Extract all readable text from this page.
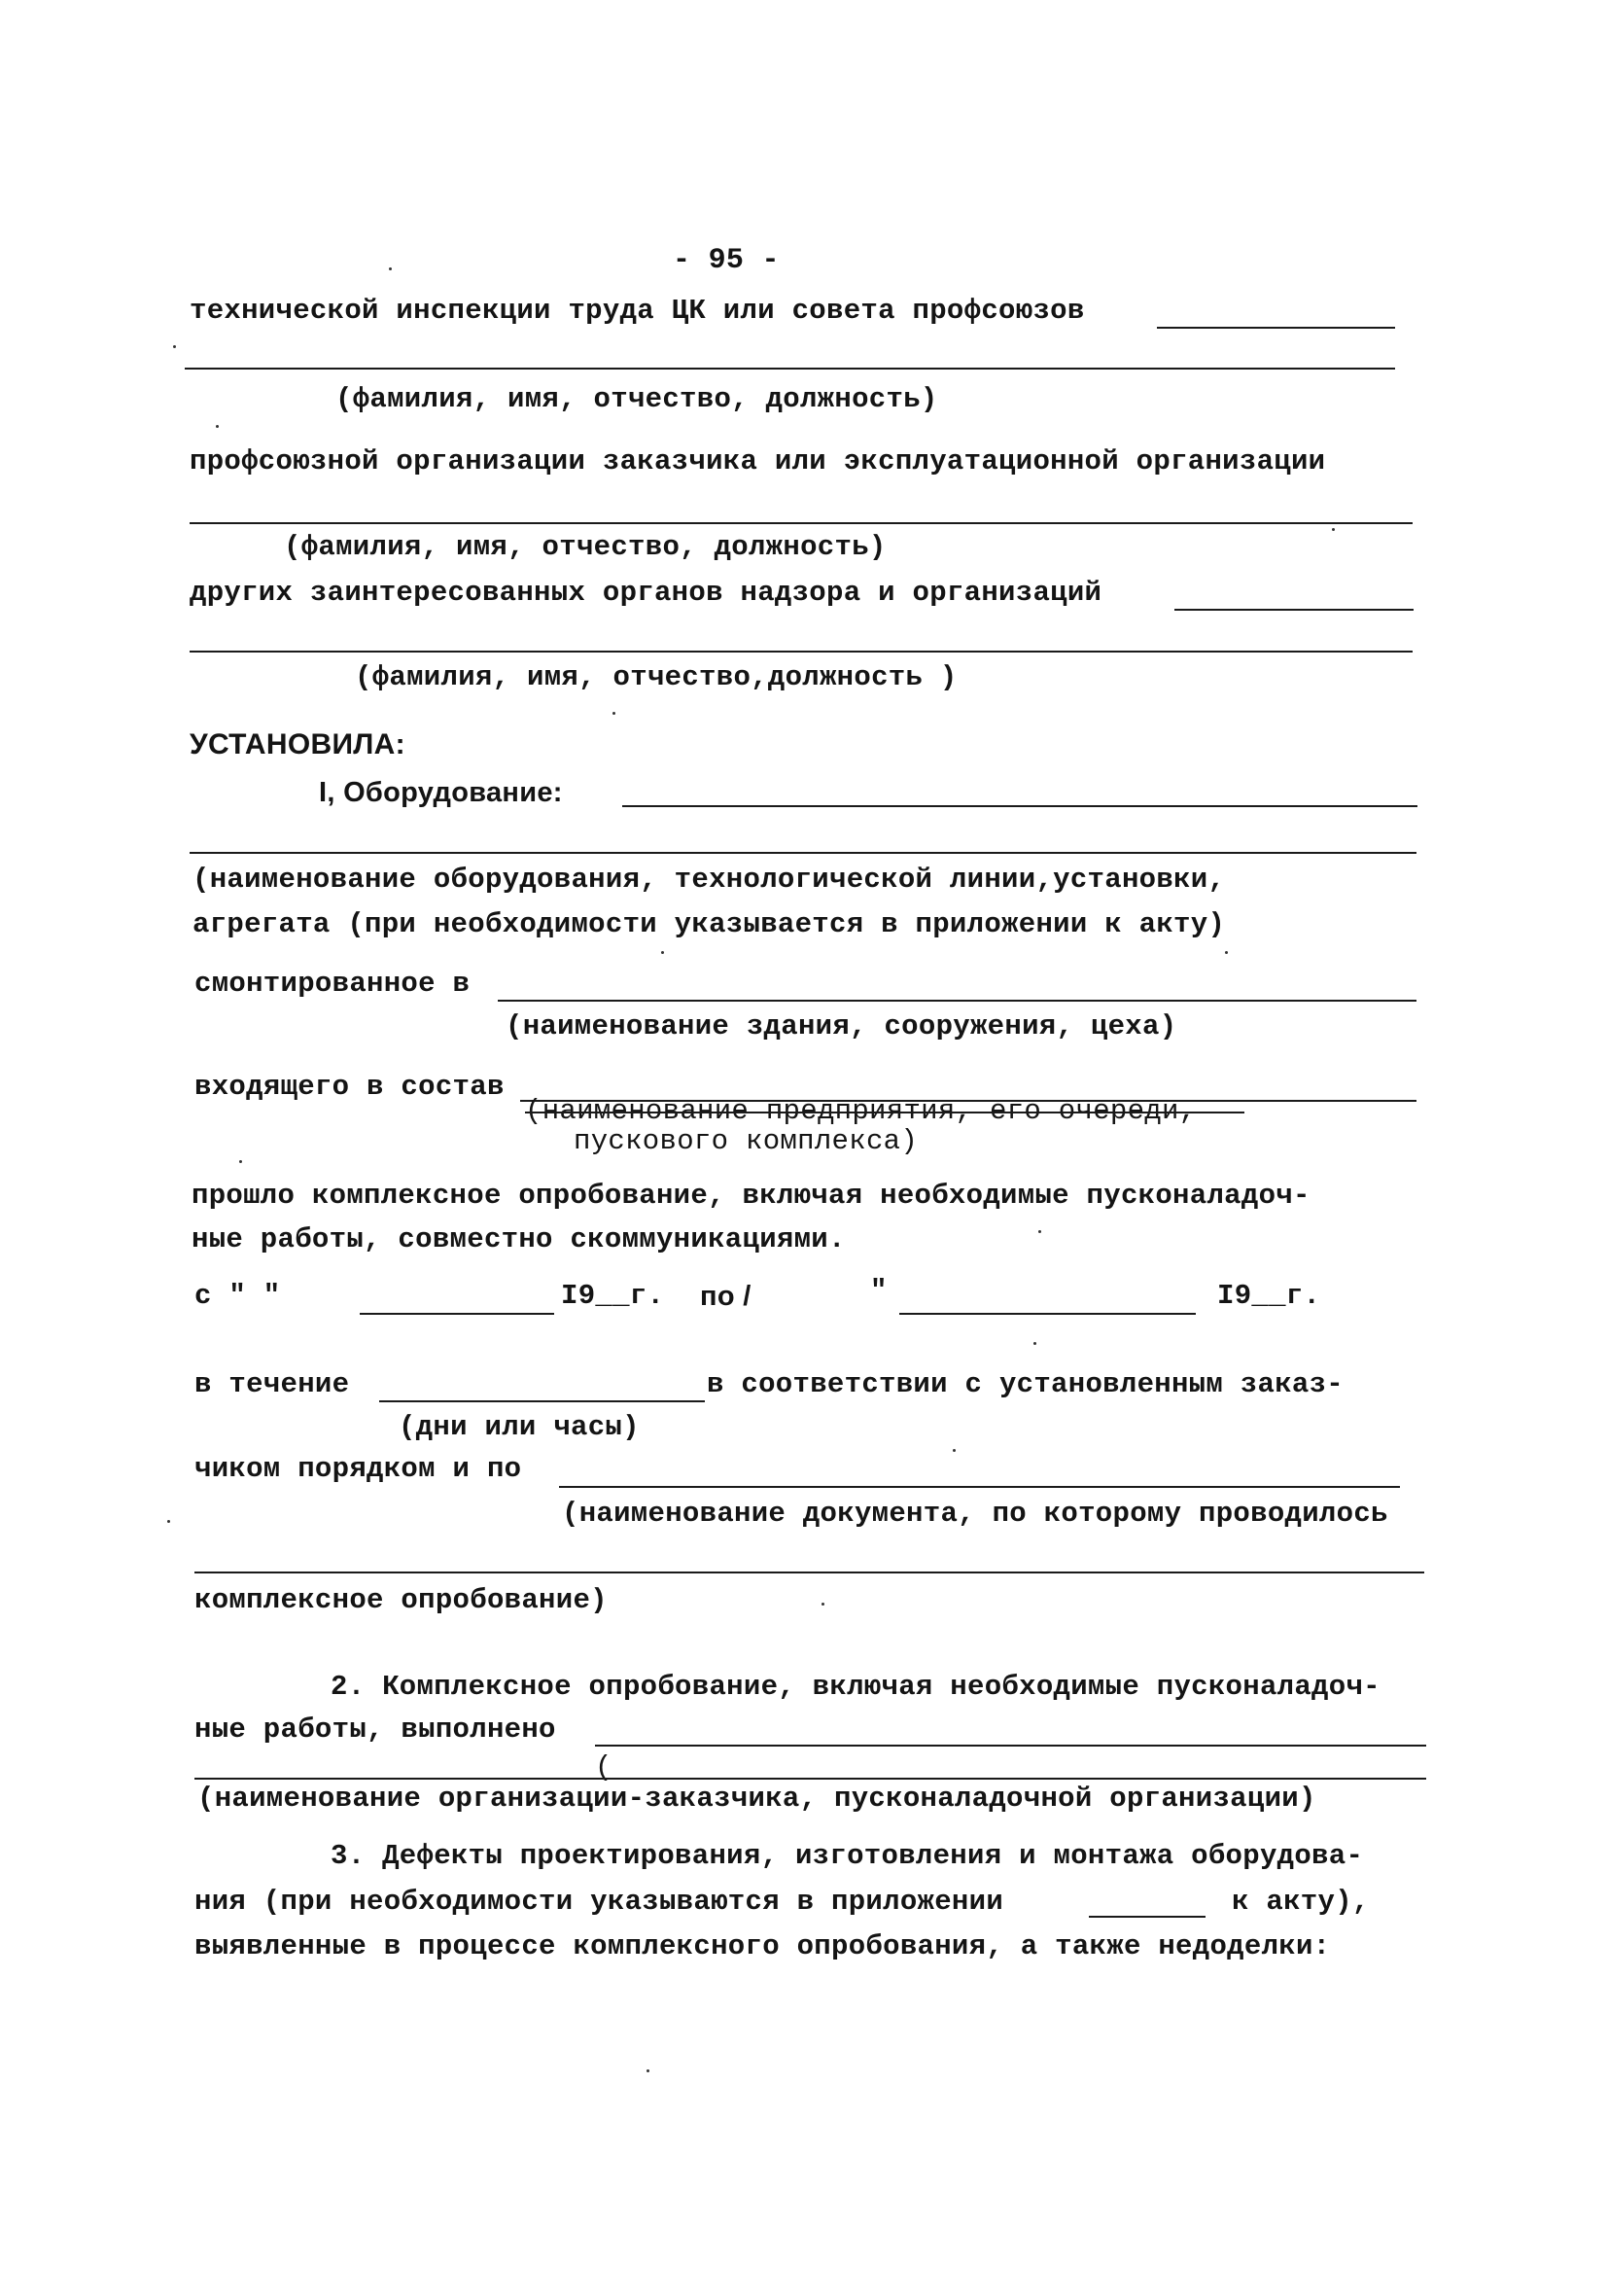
- 95 -
технической инспекции труда ЦК или совета профсоюзов
(фамилия, имя, отчество, должность)
профсоюзной организации заказчика или эксплуатационной организации
(фамилия, имя, отчество, должность)
других заинтересованных органов надзора и организаций
(фамилия, имя, отчество,должность )
УСТАНОВИЛА:
I, Оборудование:
(наименование оборудования, технологической линии,установки,
агрегата (при необходимости указывается в приложении к акту)
смонтированное в
(наименование здания, сооружения, цеха)
входящего в состав
(наименование предприятия, его очереди,
пускового комплекса)
прошло комплексное опробование, включая необходимые пусконаладоч-
ные работы, совместно скоммуникациями.
с " "	I9__г. по /	"	I9__г.
в течение	в соответствии с установленным заказ-
(дни или часы)
чиком порядком и по
(наименование документа, по которому проводилось
комплексное опробование)
2. Комплексное опробование, включая необходимые пусконаладоч-
ные работы, выполнено
(
(наименование организации-заказчика, пусконаладочной организации)
3. Дефекты проектирования, изготовления и монтажа оборудова-
ния (при необходимости указываются в приложении	к акту),
выявленные в процессе комплексного опробования, а также недоделки:
